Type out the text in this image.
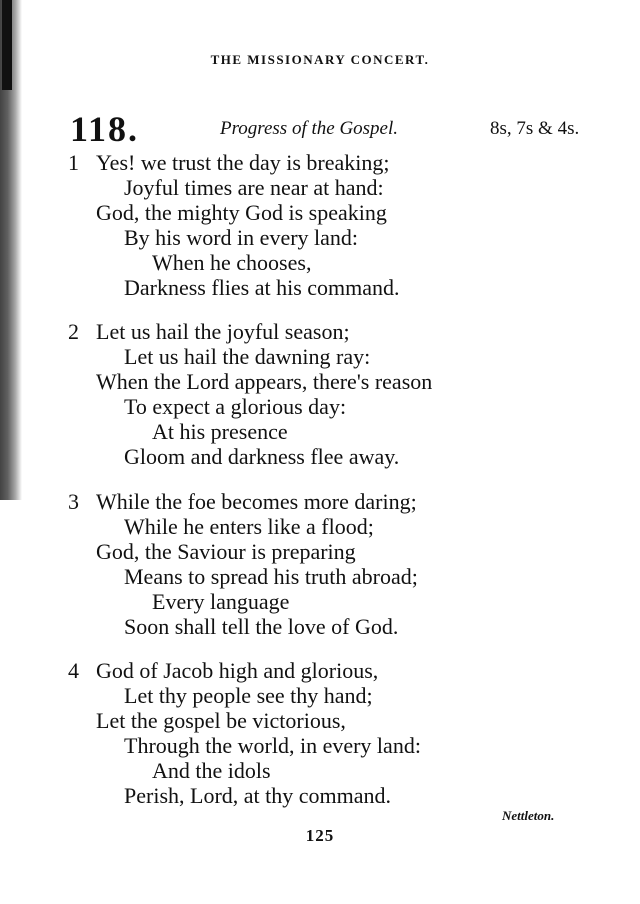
THE MISSIONARY CONCERT.
118.	Progress of the Gospel.	8s, 7s & 4s.
1 Yes! we trust the day is breaking;
Joyful times are near at hand:
God, the mighty God is speaking
By his word in every land:
When he chooses,
Darkness flies at his command.
2 Let us hail the joyful season;
Let us hail the dawning ray:
When the Lord appears, there's reason
To expect a glorious day:
At his presence
Gloom and darkness flee away.
3 While the foe becomes more daring;
While he enters like a flood;
God, the Saviour is preparing
Means to spread his truth abroad;
Every language
Soon shall tell the love of God.
4 God of Jacob high and glorious,
Let thy people see thy hand;
Let the gospel be victorious,
Through the world, in every land:
And the idols
Perish, Lord, at thy command.
Nettleton.
125
